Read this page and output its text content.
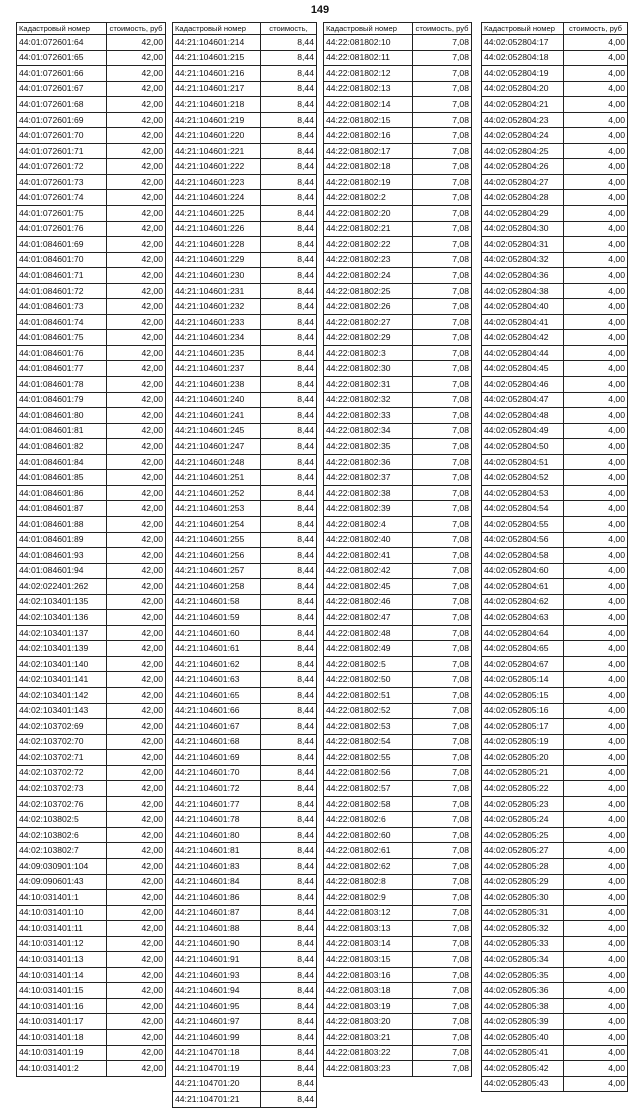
149
Кадастровый номер	стоимость, руб
44:01:072601:64	42,00
44:01:072601:65	42,00
44:01:072601:66	42,00
44:01:072601:67	42,00
44:01:072601:68	42,00
44:01:072601:69	42,00
44:01:072601:70	42,00
44:01:072601:71	42,00
44:01:072601:72	42,00
44:01:072601:73	42,00
44:01:072601:74	42,00
44:01:072601:75	42,00
44:01:072601:76	42,00
44:01:084601:69	42,00
44:01:084601:70	42,00
44:01:084601:71	42,00
44:01:084601:72	42,00
44:01:084601:73	42,00
44:01:084601:74	42,00
44:01:084601:75	42,00
44:01:084601:76	42,00
44:01:084601:77	42,00
44:01:084601:78	42,00
44:01:084601:79	42,00
44:01:084601:80	42,00
44:01:084601:81	42,00
44:01:084601:82	42,00
44:01:084601:84	42,00
44:01:084601:85	42,00
44:01:084601:86	42,00
44:01:084601:87	42,00
44:01:084601:88	42,00
44:01:084601:89	42,00
44:01:084601:93	42,00
44:01:084601:94	42,00
44:02:022401:262	42,00
44:02:103401:135	42,00
44:02:103401:136	42,00
44:02:103401:137	42,00
44:02:103401:139	42,00
44:02:103401:140	42,00
44:02:103401:141	42,00
44:02:103401:142	42,00
44:02:103401:143	42,00
44:02:103702:69	42,00
44:02:103702:70	42,00
44:02:103702:71	42,00
44:02:103702:72	42,00
44:02:103702:73	42,00
44:02:103702:76	42,00
44:02:103802:5	42,00
44:02:103802:6	42,00
44:02:103802:7	42,00
44:09:030901:104	42,00
44:09:090601:43	42,00
44:10:031401:1	42,00
44:10:031401:10	42,00
44:10:031401:11	42,00
44:10:031401:12	42,00
44:10:031401:13	42,00
44:10:031401:14	42,00
44:10:031401:15	42,00
44:10:031401:16	42,00
44:10:031401:17	42,00
44:10:031401:18	42,00
44:10:031401:19	42,00
44:10:031401:2	42,00
Кадастровый номер	стоимость,
44:21:104601:214	8,44
44:21:104601:215	8,44
44:21:104601:216	8,44
44:21:104601:217	8,44
44:21:104601:218	8,44
44:21:104601:219	8,44
44:21:104601:220	8,44
44:21:104601:221	8,44
44:21:104601:222	8,44
44:21:104601:223	8,44
44:21:104601:224	8,44
44:21:104601:225	8,44
44:21:104601:226	8,44
44:21:104601:228	8,44
44:21:104601:229	8,44
44:21:104601:230	8,44
44:21:104601:231	8,44
44:21:104601:232	8,44
44:21:104601:233	8,44
44:21:104601:234	8,44
44:21:104601:235	8,44
44:21:104601:237	8,44
44:21:104601:238	8,44
44:21:104601:240	8,44
44:21:104601:241	8,44
44:21:104601:245	8,44
44:21:104601:247	8,44
44:21:104601:248	8,44
44:21:104601:251	8,44
44:21:104601:252	8,44
44:21:104601:253	8,44
44:21:104601:254	8,44
44:21:104601:255	8,44
44:21:104601:256	8,44
44:21:104601:257	8,44
44:21:104601:258	8,44
44:21:104601:58	8,44
44:21:104601:59	8,44
44:21:104601:60	8,44
44:21:104601:61	8,44
44:21:104601:62	8,44
44:21:104601:63	8,44
44:21:104601:65	8,44
44:21:104601:66	8,44
44:21:104601:67	8,44
44:21:104601:68	8,44
44:21:104601:69	8,44
44:21:104601:70	8,44
44:21:104601:72	8,44
44:21:104601:77	8,44
44:21:104601:78	8,44
44:21:104601:80	8,44
44:21:104601:81	8,44
44:21:104601:83	8,44
44:21:104601:84	8,44
44:21:104601:86	8,44
44:21:104601:87	8,44
44:21:104601:88	8,44
44:21:104601:90	8,44
44:21:104601:91	8,44
44:21:104601:93	8,44
44:21:104601:94	8,44
44:21:104601:95	8,44
44:21:104601:97	8,44
44:21:104601:99	8,44
44:21:104701:18	8,44
44:21:104701:19	8,44
44:21:104701:20	8,44
44:21:104701:21	8,44
Кадастровый номер	стоимость, руб
44:22:081802:10	7,08
44:22:081802:11	7,08
44:22:081802:12	7,08
44:22:081802:13	7,08
44:22:081802:14	7,08
44:22:081802:15	7,08
44:22:081802:16	7,08
44:22:081802:17	7,08
44:22:081802:18	7,08
44:22:081802:19	7,08
44:22:081802:2	7,08
44:22:081802:20	7,08
44:22:081802:21	7,08
44:22:081802:22	7,08
44:22:081802:23	7,08
44:22:081802:24	7,08
44:22:081802:25	7,08
44:22:081802:26	7,08
44:22:081802:27	7,08
44:22:081802:29	7,08
44:22:081802:3	7,08
44:22:081802:30	7,08
44:22:081802:31	7,08
44:22:081802:32	7,08
44:22:081802:33	7,08
44:22:081802:34	7,08
44:22:081802:35	7,08
44:22:081802:36	7,08
44:22:081802:37	7,08
44:22:081802:38	7,08
44:22:081802:39	7,08
44:22:081802:4	7,08
44:22:081802:40	7,08
44:22:081802:41	7,08
44:22:081802:42	7,08
44:22:081802:45	7,08
44:22:081802:46	7,08
44:22:081802:47	7,08
44:22:081802:48	7,08
44:22:081802:49	7,08
44:22:081802:5	7,08
44:22:081802:50	7,08
44:22:081802:51	7,08
44:22:081802:52	7,08
44:22:081802:53	7,08
44:22:081802:54	7,08
44:22:081802:55	7,08
44:22:081802:56	7,08
44:22:081802:57	7,08
44:22:081802:58	7,08
44:22:081802:6	7,08
44:22:081802:60	7,08
44:22:081802:61	7,08
44:22:081802:62	7,08
44:22:081802:8	7,08
44:22:081802:9	7,08
44:22:081803:12	7,08
44:22:081803:13	7,08
44:22:081803:14	7,08
44:22:081803:15	7,08
44:22:081803:16	7,08
44:22:081803:18	7,08
44:22:081803:19	7,08
44:22:081803:20	7,08
44:22:081803:21	7,08
44:22:081803:22	7,08
44:22:081803:23	7,08
Кадастровый номер	стоимость, руб
44:02:052804:17	4,00
44:02:052804:18	4,00
44:02:052804:19	4,00
44:02:052804:20	4,00
44:02:052804:21	4,00
44:02:052804:23	4,00
44:02:052804:24	4,00
44:02:052804:25	4,00
44:02:052804:26	4,00
44:02:052804:27	4,00
44:02:052804:28	4,00
44:02:052804:29	4,00
44:02:052804:30	4,00
44:02:052804:31	4,00
44:02:052804:32	4,00
44:02:052804:36	4,00
44:02:052804:38	4,00
44:02:052804:40	4,00
44:02:052804:41	4,00
44:02:052804:42	4,00
44:02:052804:44	4,00
44:02:052804:45	4,00
44:02:052804:46	4,00
44:02:052804:47	4,00
44:02:052804:48	4,00
44:02:052804:49	4,00
44:02:052804:50	4,00
44:02:052804:51	4,00
44:02:052804:52	4,00
44:02:052804:53	4,00
44:02:052804:54	4,00
44:02:052804:55	4,00
44:02:052804:56	4,00
44:02:052804:58	4,00
44:02:052804:60	4,00
44:02:052804:61	4,00
44:02:052804:62	4,00
44:02:052804:63	4,00
44:02:052804:64	4,00
44:02:052804:65	4,00
44:02:052804:67	4,00
44:02:052805:14	4,00
44:02:052805:15	4,00
44:02:052805:16	4,00
44:02:052805:17	4,00
44:02:052805:19	4,00
44:02:052805:20	4,00
44:02:052805:21	4,00
44:02:052805:22	4,00
44:02:052805:23	4,00
44:02:052805:24	4,00
44:02:052805:25	4,00
44:02:052805:27	4,00
44:02:052805:28	4,00
44:02:052805:29	4,00
44:02:052805:30	4,00
44:02:052805:31	4,00
44:02:052805:32	4,00
44:02:052805:33	4,00
44:02:052805:34	4,00
44:02:052805:35	4,00
44:02:052805:36	4,00
44:02:052805:38	4,00
44:02:052805:39	4,00
44:02:052805:40	4,00
44:02:052805:41	4,00
44:02:052805:42	4,00
44:02:052805:43	4,00
